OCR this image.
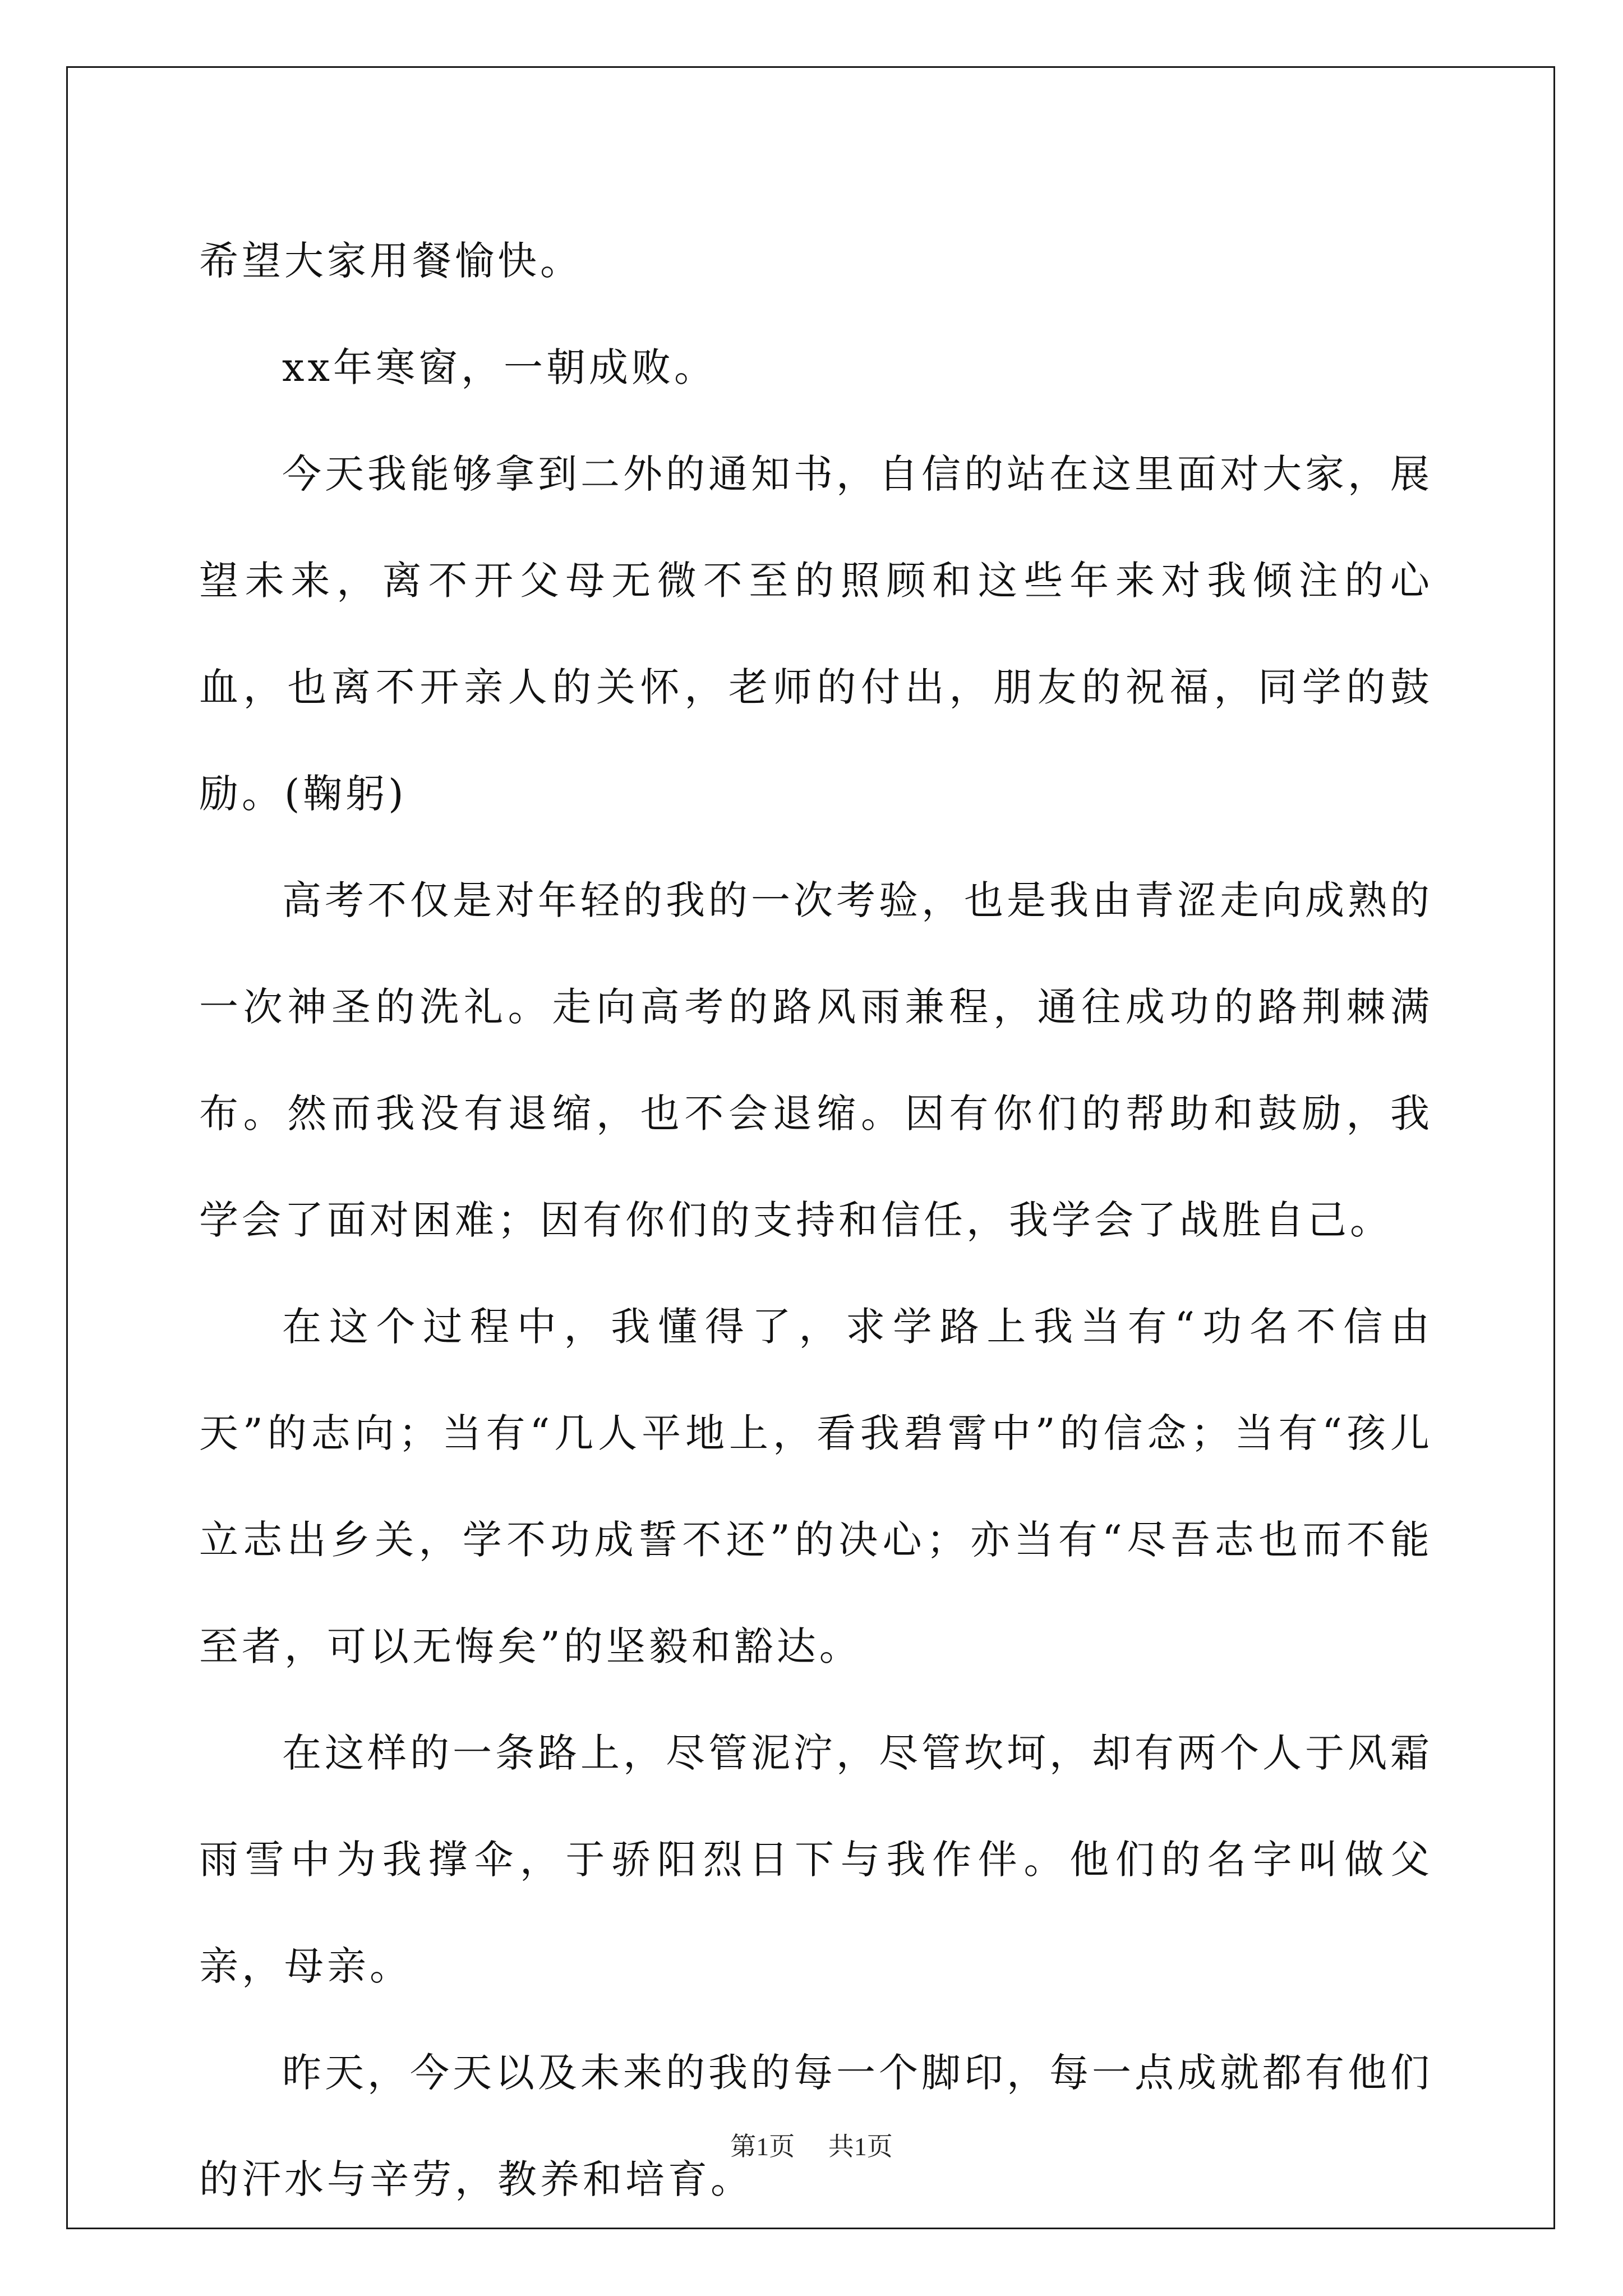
希望大家用餐愉快。

xx年寒窗，一朝成败。

今天我能够拿到二外的通知书，自信的站在这里面对大家，展望未来，离不开父母无微不至的照顾和这些年来对我倾注的心血，也离不开亲人的关怀，老师的付出，朋友的祝福，同学的鼓励。(鞠躬)

高考不仅是对年轻的我的一次考验，也是我由青涩走向成熟的一次神圣的洗礼。走向高考的路风雨兼程，通往成功的路荆棘满布。然而我没有退缩，也不会退缩。因有你们的帮助和鼓励，我学会了面对困难；因有你们的支持和信任，我学会了战胜自己。

在这个过程中，我懂得了，求学路上我当有“功名不信由天”的志向；当有“几人平地上，看我碧霄中”的信念；当有“孩儿立志出乡关，学不功成誓不还”的决心；亦当有“尽吾志也而不能至者，可以无悔矣”的坚毅和豁达。

在这样的一条路上，尽管泥泞，尽管坎坷，却有两个人于风霜雨雪中为我撑伞，于骄阳烈日下与我作伴。他们的名字叫做父亲，母亲。

昨天，今天以及未来的我的每一个脚印，每一点成就都有他们的汗水与辛劳，教养和培育。

第1页 共1页
